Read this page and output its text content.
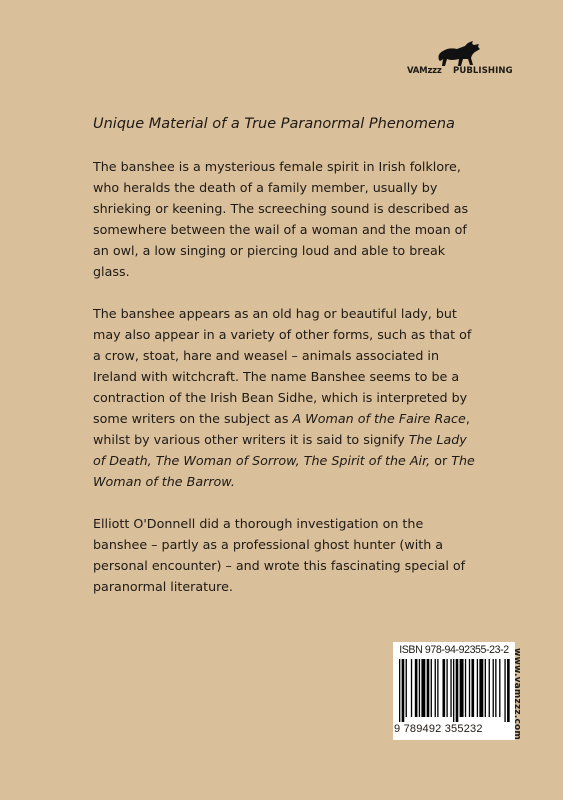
VAMzzz PUBLISHING
Unique Material of a True Paranormal Phenomena

The banshee is a mysterious female spirit in Irish folklore, who heralds the death of a family member, usually by shrieking or keening. The screeching sound is described as somewhere between the wail of a woman and the moan of an owl, a low singing or piercing loud and able to break glass.

The banshee appears as an old hag or beautiful lady, but may also appear in a variety of other forms, such as that of a crow, stoat, hare and weasel – animals associated in Ireland with witchcraft. The name Banshee seems to be a contraction of the Irish Bean Sidhe, which is interpreted by some writers on the subject as A Woman of the Faire Race, whilst by various other writers it is said to signify The Lady of Death, The Woman of Sorrow, The Spirit of the Air, or The Woman of the Barrow.

Elliott O'Donnell did a thorough investigation on the banshee – partly as a professional ghost hunter (with a personal encounter) – and wrote this fascinating special of paranormal literature.

ISBN 978-94-92355-23-2
9 789492 355232	www.vamzzz.com
